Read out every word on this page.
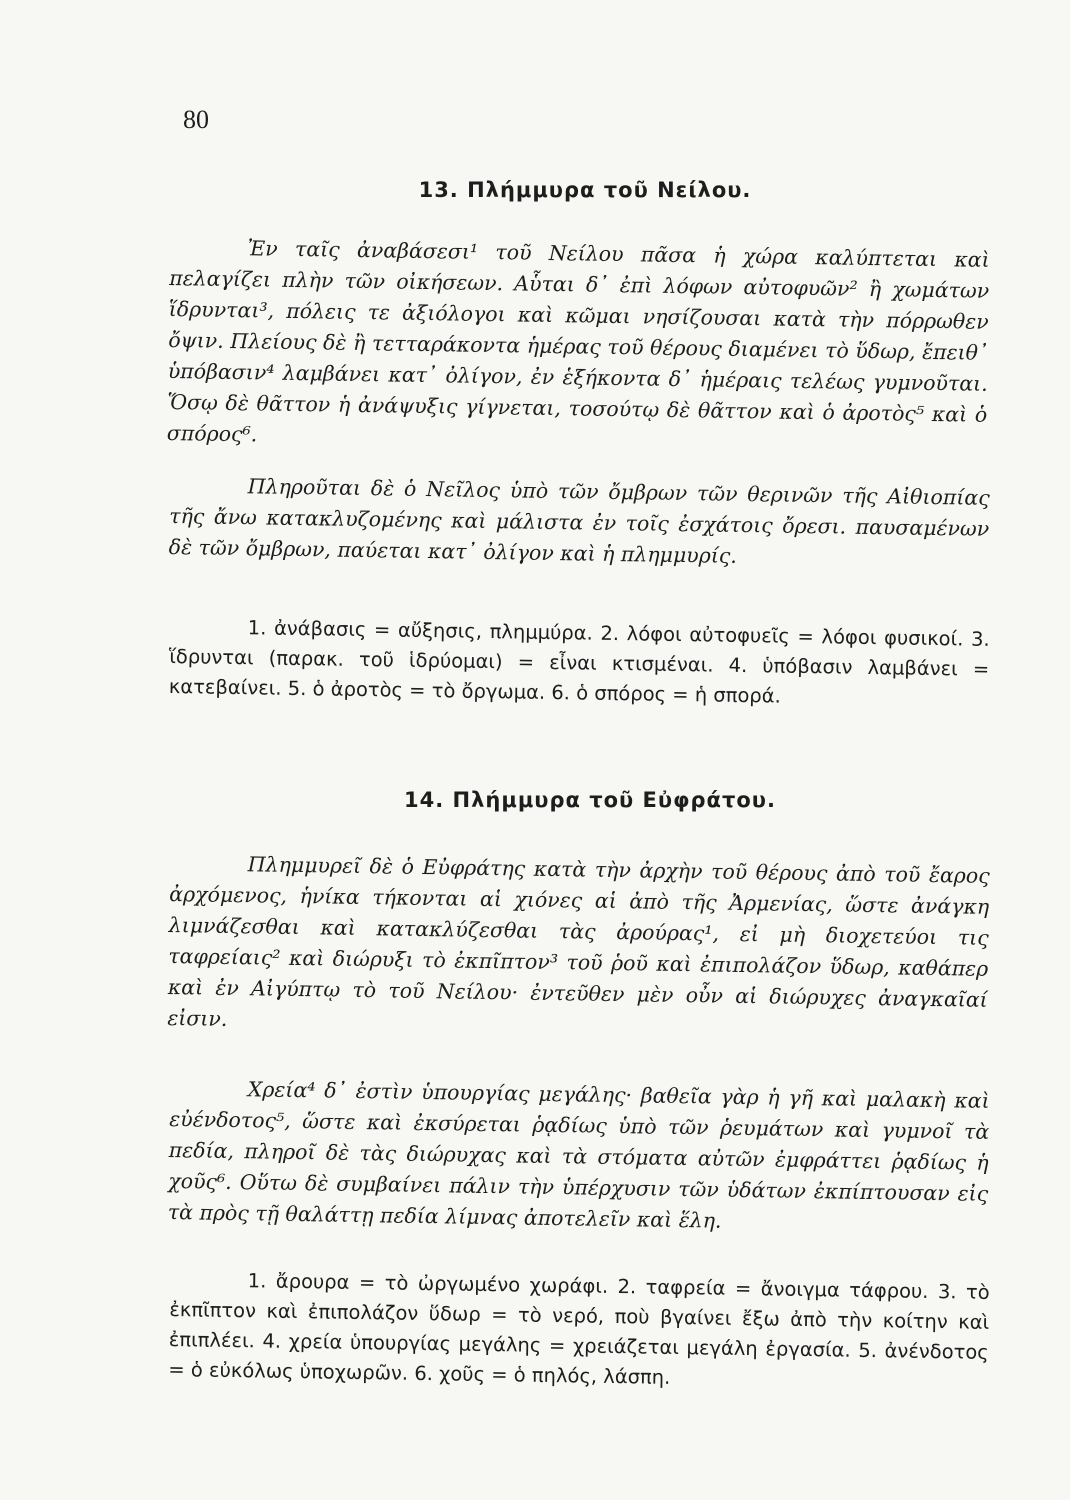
80
13. Πλήμμυρα τοῦ Νείλου.

Ἐν ταῖς ἀναβάσεσι¹ τοῦ Νείλου πᾶσα ἡ χώρα καλύπτεται καὶ πελαγίζει πλὴν τῶν οἰκήσεων. Αὗται δ᾽ ἐπὶ λόφων αὐτοφυῶν² ἢ χωμάτων ἵδρυνται³, πόλεις τε ἀξιόλογοι καὶ κῶμαι νησίζουσαι κατὰ τὴν πόρρωθεν ὄψιν. Πλείους δὲ ἢ τετταράκοντα ἡμέρας τοῦ θέρους διαμένει τὸ ὕδωρ, ἔπειθ᾽ ὑπόβασιν⁴ λαμβάνει κατ᾽ ὀλίγον, ἐν ἑξήκοντα δ᾽ ἡμέραις τελέως γυμνοῦται. Ὅσῳ δὲ θᾶττον ἡ ἀνάψυξις γίγνεται, τοσούτῳ δὲ θᾶττον καὶ ὁ ἀροτὸς⁵ καὶ ὁ σπόρος⁶.

Πληροῦται δὲ ὁ Νεῖλος ὑπὸ τῶν ὄμβρων τῶν θερινῶν τῆς Αἰθιοπίας τῆς ἄνω κατακλυζομένης καὶ μάλιστα ἐν τοῖς ἐσχάτοις ὄρεσι. παυσαμένων δὲ τῶν ὄμβρων, παύεται κατ᾽ ὀλίγον καὶ ἡ πλημμυρίς.

1. ἀνάβασις = αὔξησις, πλημμύρα. 2. λόφοι αὐτοφυεῖς = λόφοι φυσικοί. 3. ἵδρυνται (παρακ. τοῦ ἱδρύομαι) = εἶναι κτισμέναι. 4. ὑπόβασιν λαμβάνει = κατεβαίνει. 5. ὁ ἀροτὸς = τὸ ὄργωμα. 6. ὁ σπόρος = ἡ σπορά.

14. Πλήμμυρα τοῦ Εὐφράτου.

Πλημμυρεῖ δὲ ὁ Εὐφράτης κατὰ τὴν ἀρχὴν τοῦ θέρους ἀπὸ τοῦ ἔαρος ἀρχόμενος, ἡνίκα τήκονται αἱ χιόνες αἱ ἀπὸ τῆς Ἀρμενίας, ὥστε ἀνάγκη λιμνάζεσθαι καὶ κατακλύζεσθαι τὰς ἀρούρας¹, εἰ μὴ διοχετεύοι τις ταφρείαις² καὶ διώρυξι τὸ ἐκπῖπτον³ τοῦ ῥοῦ καὶ ἐπιπολάζον ὕδωρ, καθάπερ καὶ ἐν Αἰγύπτῳ τὸ τοῦ Νείλου· ἐντεῦθεν μὲν οὖν αἱ διώρυχες ἀναγκαῖαί εἰσιν.

Χρεία⁴ δ᾽ ἐστὶν ὑπουργίας μεγάλης· βαθεῖα γὰρ ἡ γῆ καὶ μαλακὴ καὶ εὐένδοτος⁵, ὥστε καὶ ἐκσύρεται ῥᾳδίως ὑπὸ τῶν ῥευμάτων καὶ γυμνοῖ τὰ πεδία, πληροῖ δὲ τὰς διώρυχας καὶ τὰ στόματα αὐτῶν ἐμφράττει ῥᾳδίως ἡ χοῦς⁶. Οὕτω δὲ συμβαίνει πάλιν τὴν ὑπέρχυσιν τῶν ὑδάτων ἐκπίπτουσαν εἰς τὰ πρὸς τῇ θαλάττῃ πεδία λίμνας ἀποτελεῖν καὶ ἕλη.

1. ἄρουρα = τὸ ὠργωμένο χωράφι. 2. ταφρεία = ἄνοιγμα τάφρου. 3. τὸ ἐκπῖπτον καὶ ἐπιπολάζον ὕδωρ = τὸ νερό, ποὺ βγαίνει ἔξω ἀπὸ τὴν κοίτην καὶ ἐπιπλέει. 4. χρεία ὑπουργίας μεγάλης = χρειάζεται μεγάλη ἐργασία. 5. ἀνένδοτος = ὁ εὐκόλως ὑποχωρῶν. 6. χοῦς = ὁ πηλός, λάσπη.
